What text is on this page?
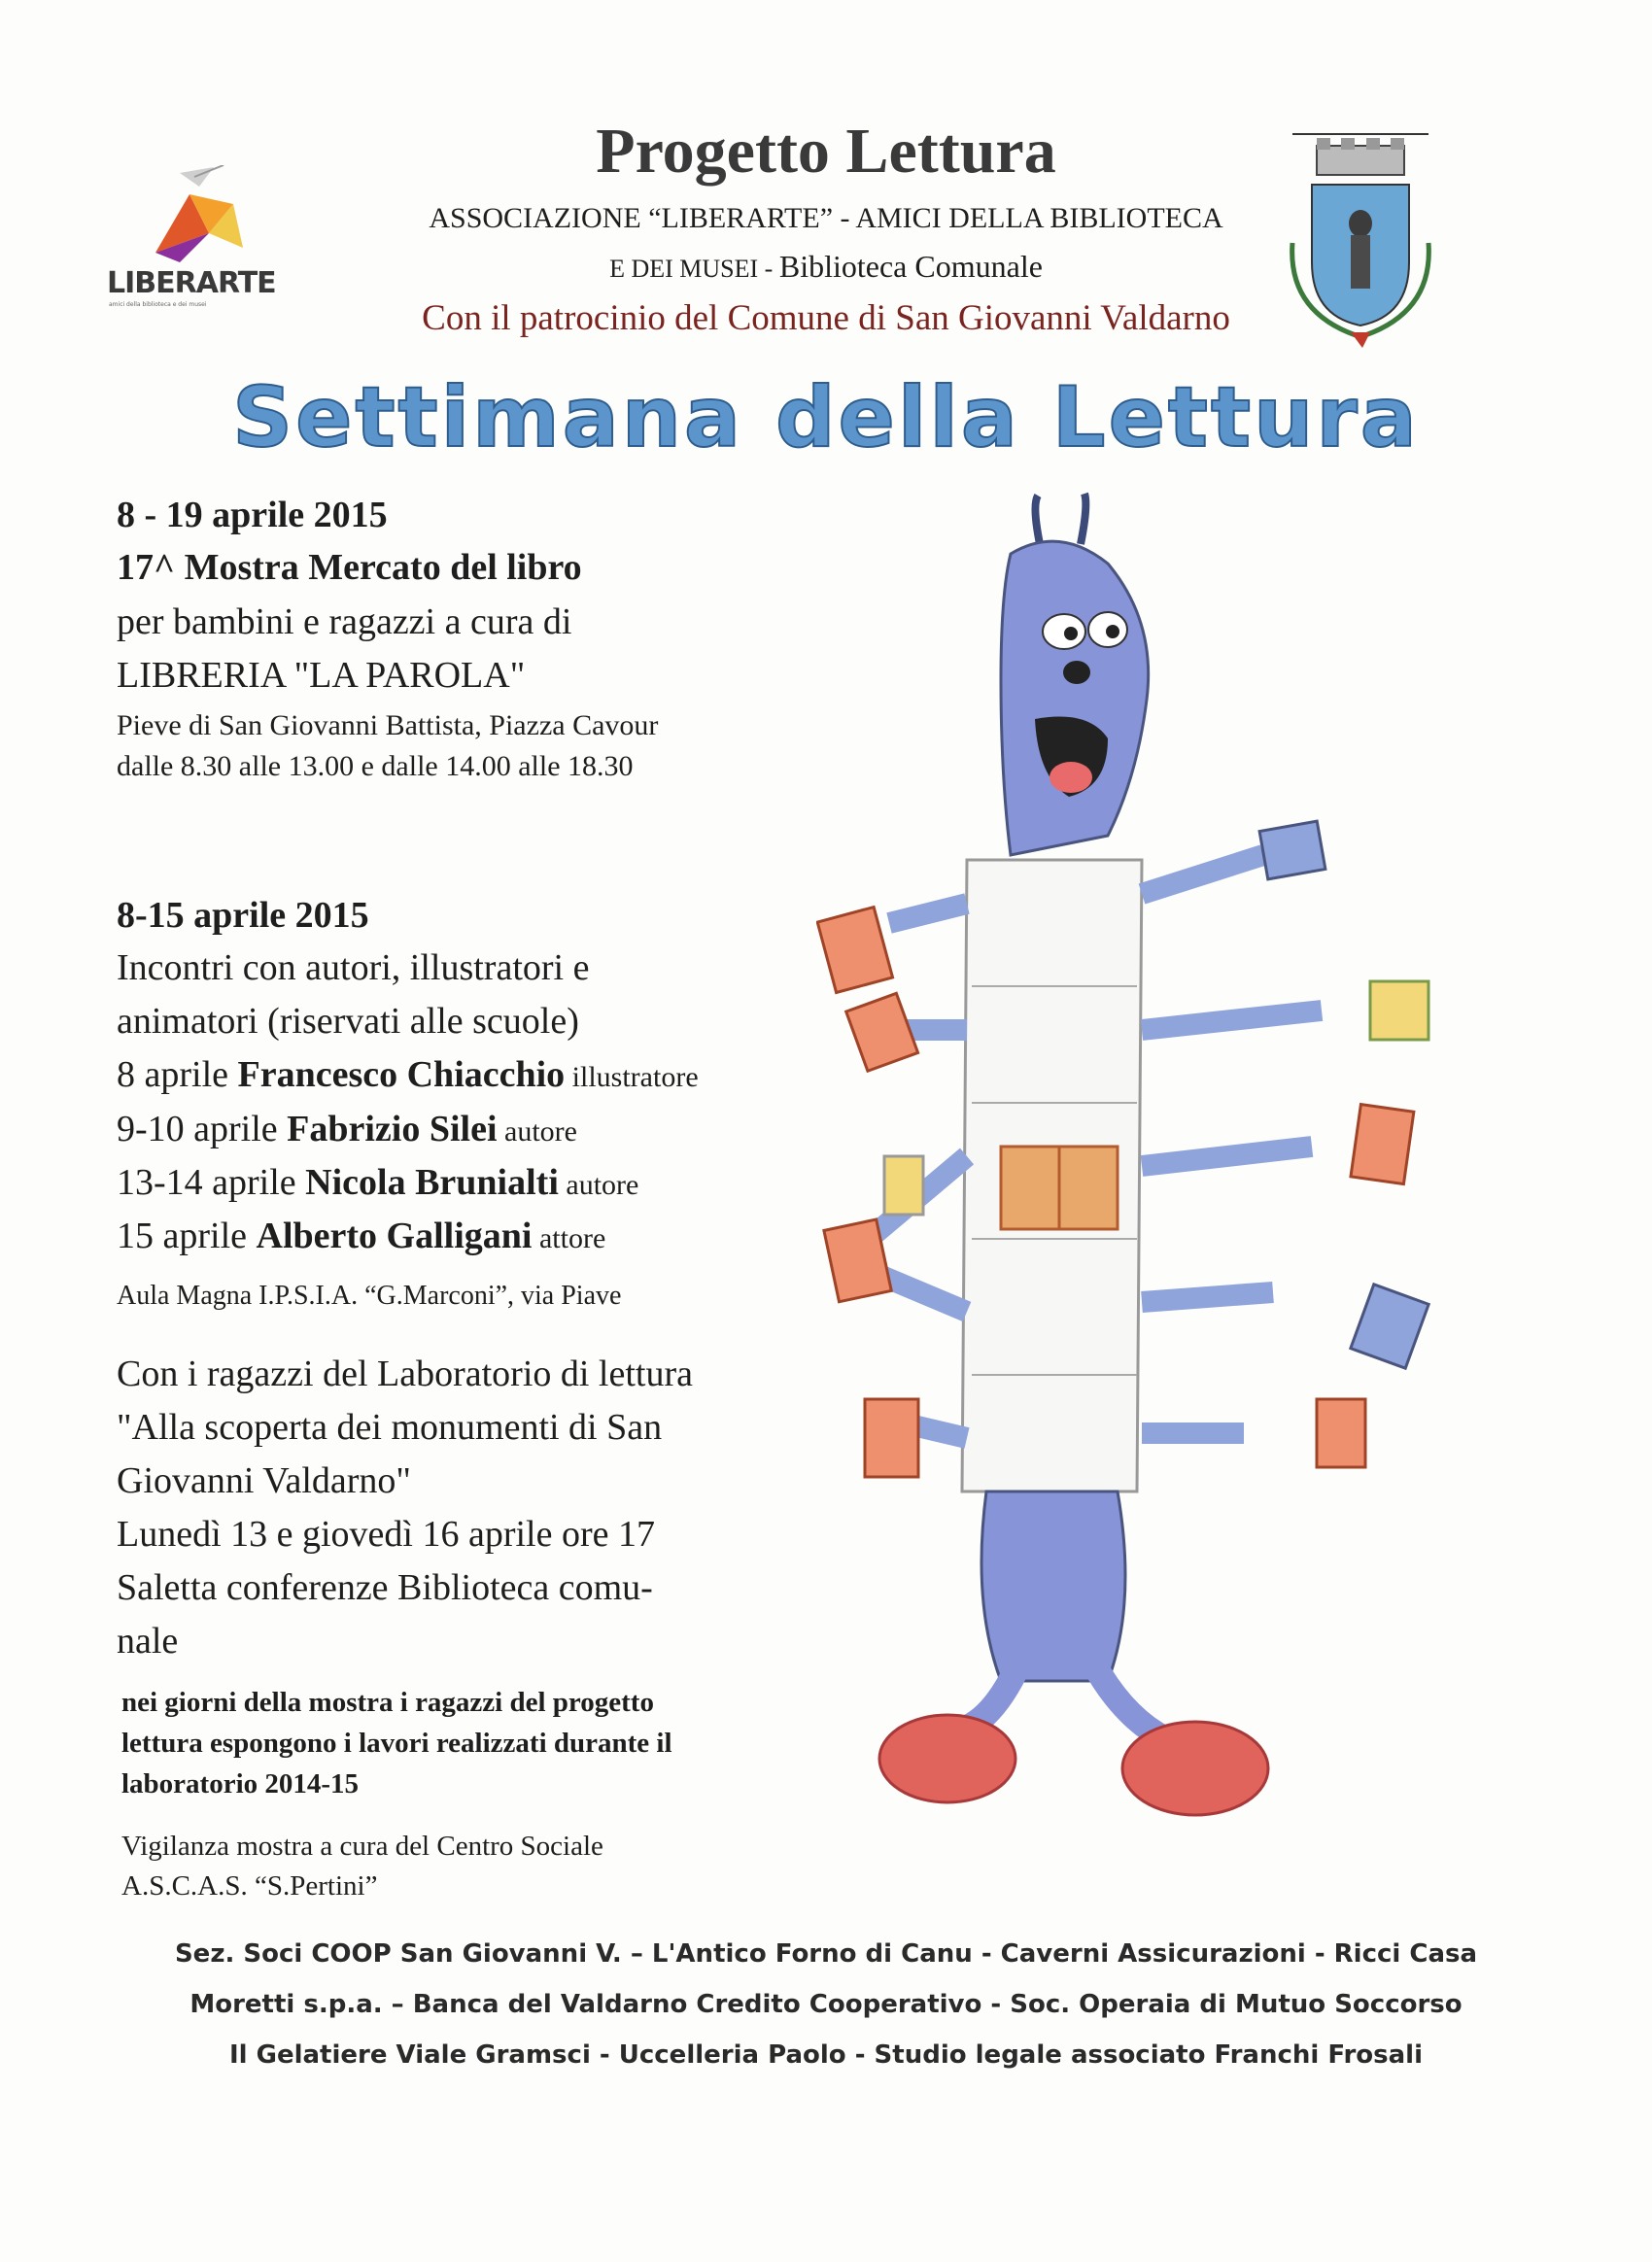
LIBERARTE
amici della biblioteca e dei musei
Progetto Lettura
ASSOCIAZIONE “LIBERARTE” - AMICI DELLA BIBLIOTECA
E DEI MUSEI - Biblioteca Comunale
Con il patrocinio del Comune di San Giovanni Valdarno
Settimana della Lettura
8 - 19 aprile 2015
17^ Mostra Mercato del libro
per bambini e ragazzi a cura di
LIBRERIA "LA PAROLA"
Pieve di San Giovanni Battista, Piazza Cavour
dalle 8.30 alle 13.00 e dalle 14.00 alle 18.30
8-15 aprile 2015
Incontri con autori, illustratori e
animatori (riservati alle scuole)
8 aprile Francesco Chiacchio illustratore
9-10 aprile Fabrizio Silei autore
13-14 aprile Nicola Brunialti autore
15 aprile Alberto Galligani attore
Aula Magna I.P.S.I.A. “G.Marconi”, via Piave
Con i ragazzi del Laboratorio di lettura
"Alla scoperta dei monumenti di San
Giovanni Valdarno"
Lunedì 13 e giovedì 16 aprile ore 17
Saletta conferenze Biblioteca comu-
nale
nei giorni della mostra i ragazzi del progetto
lettura espongono i lavori realizzati durante il
laboratorio 2014-15
Vigilanza mostra a cura del Centro Sociale
A.S.C.A.S. “S.Pertini”
Sez. Soci COOP San Giovanni V. – L'Antico Forno di Canu - Caverni Assicurazioni - Ricci Casa
Moretti s.p.a. – Banca del Valdarno Credito Cooperativo - Soc. Operaia di Mutuo Soccorso
Il Gelatiere Viale Gramsci - Uccelleria Paolo - Studio legale associato Franchi Frosali
